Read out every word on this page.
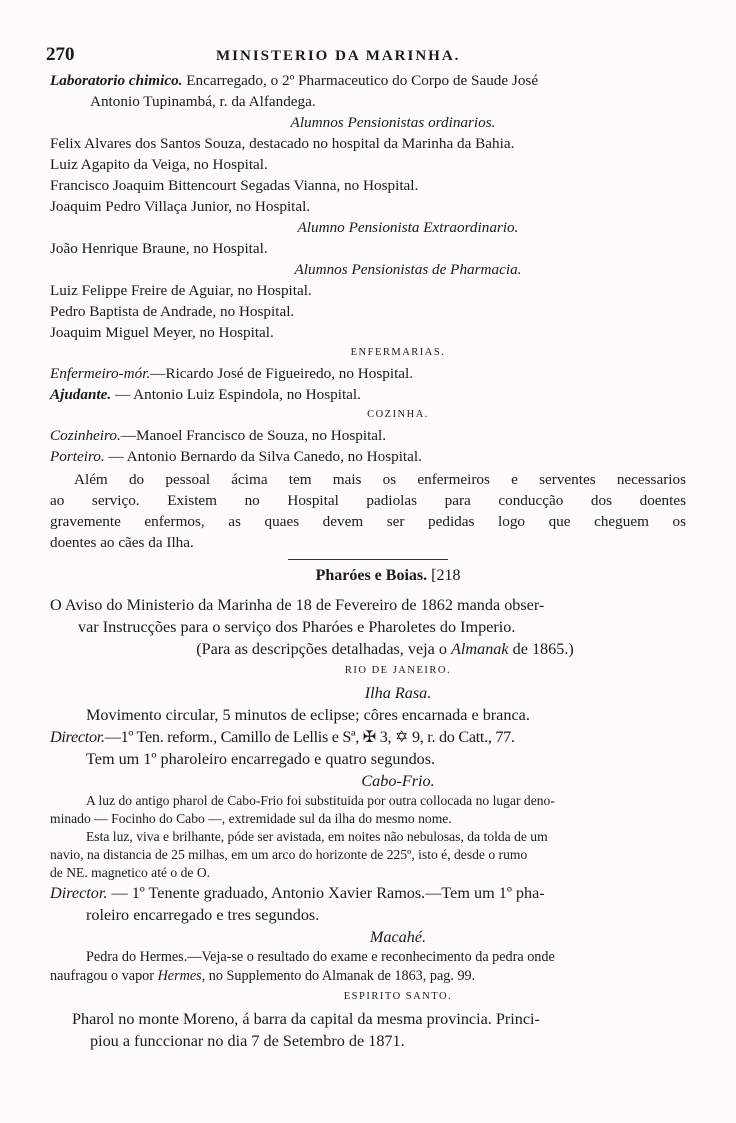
270	MINISTERIO DA MARINHA.
Laboratorio chimico. Encarregado, o 2º Pharmaceutico do Corpo de Saude José
Antonio Tupinambá, r. da Alfandega.
Alumnos Pensionistas ordinarios.
Felix Alvares dos Santos Souza, destacado no hospital da Marinha da Bahia.
Luiz Agapito da Veiga, no Hospital.
Francisco Joaquim Bittencourt Segadas Vianna, no Hospital.
Joaquim Pedro Villaça Junior, no Hospital.
Alumno Pensionista Extraordinario.
João Henrique Braune, no Hospital.
Alumnos Pensionistas de Pharmacia.
Luiz Felippe Freire de Aguiar, no Hospital.
Pedro Baptista de Andrade, no Hospital.
Joaquim Miguel Meyer, no Hospital.
ENFERMARIAS.
Enfermeiro-mór.—Ricardo José de Figueiredo, no Hospital.
Ajudante. — Antonio Luiz Espindola, no Hospital.
COZINHA.
Cozinheiro.—Manoel Francisco de Souza, no Hospital.
Porteiro. — Antonio Bernardo da Silva Canedo, no Hospital.
Além do pessoal ácima tem mais os enfermeiros e serventes necessarios
ao serviço. Existem no Hospital padiolas para conducção dos doentes
gravemente enfermos, as quaes devem ser pedidas logo que cheguem os
doentes ao cães da Ilha.
Pharóes e Boias. [218
O Aviso do Ministerio da Marinha de 18 de Fevereiro de 1862 manda obser-
var Instrucções para o serviço dos Pharóes e Pharoletes do Imperio.
(Para as descripções detalhadas, veja o Almanak de 1865.)
RIO DE JANEIRO.
Ilha Rasa.
Movimento circular, 5 minutos de eclipse; côres encarnada e branca.
Director.—1º Ten. reform., Camillo de Lellis e Sª, ✠ 3, ✡ 9, r. do Catt., 77.
Tem um 1º pharoleiro encarregado e quatro segundos.
Cabo-Frio.
A luz do antigo pharol de Cabo-Frio foi substituida por outra collocada no lugar deno-
minado — Focinho do Cabo —, extremidade sul da ilha do mesmo nome.
Esta luz, viva e brilhante, póde ser avistada, em noites não nebulosas, da tolda de um
navio, na distancia de 25 milhas, em um arco do horizonte de 225º, isto é, desde o rumo
de NE. magnetico até o de O.
Director. — 1º Tenente graduado, Antonio Xavier Ramos.—Tem um 1º pha-
roleiro encarregado e tres segundos.
Macahé.
Pedra do Hermes.—Veja-se o resultado do exame e reconhecimento da pedra onde
naufragou o vapor Hermes, no Supplemento do Almanak de 1863, pag. 99.
ESPIRITO SANTO.
Pharol no monte Moreno, á barra da capital da mesma provincia. Princi-
piou a funccionar no dia 7 de Setembro de 1871.
